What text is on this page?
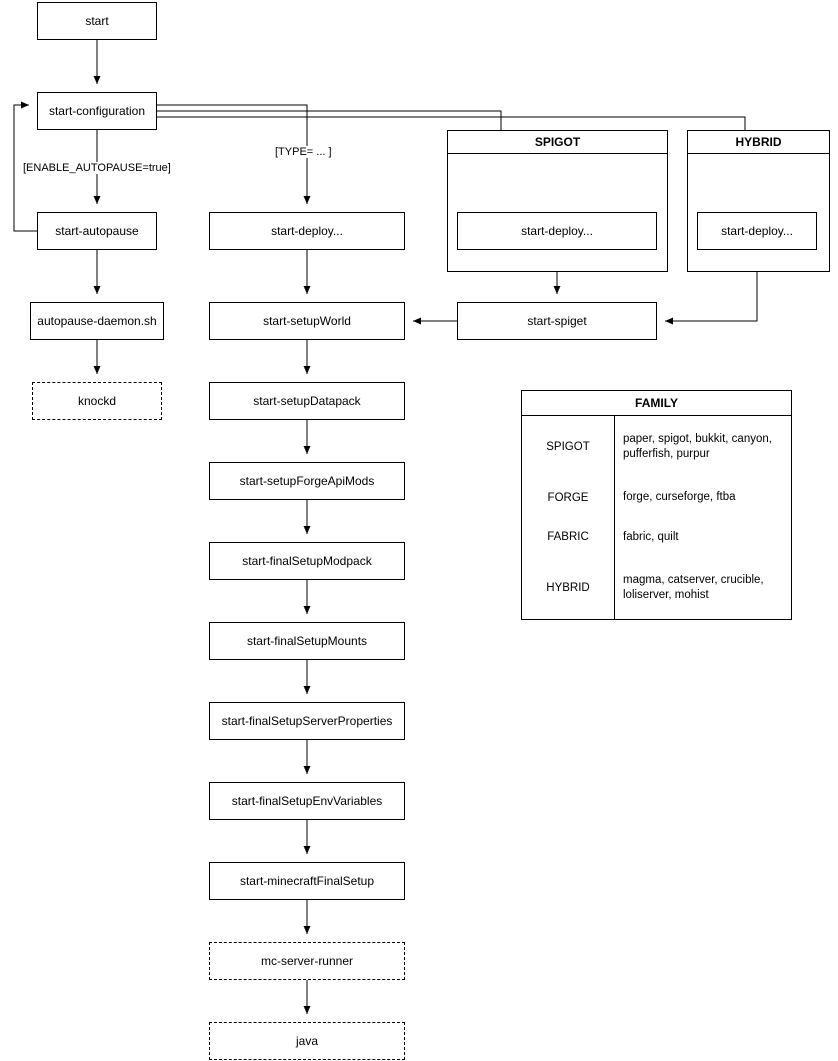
SPIGOT	HYBRID
start
start-configuration
start-autopause
autopause-daemon.sh
knockd
start-deploy...
start-setupWorld
start-setupDatapack
start-setupForgeApiMods
start-finalSetupModpack
start-finalSetupMounts
start-finalSetupServerProperties
start-finalSetupEnvVariables
start-minecraftFinalSetup
mc-server-runner
java
start-deploy...	start-deploy...
start-spiget
[ENABLE_AUTOPAUSE=true]
[TYPE= ... ]
FAMILY	
SPIGOT	paper, spigot, bukkit, canyon, pufferfish, purpur
FORGE	forge, curseforge, ftba
FABRIC	fabric, quilt
HYBRID	magma, catserver, crucible, loliserver, mohist
